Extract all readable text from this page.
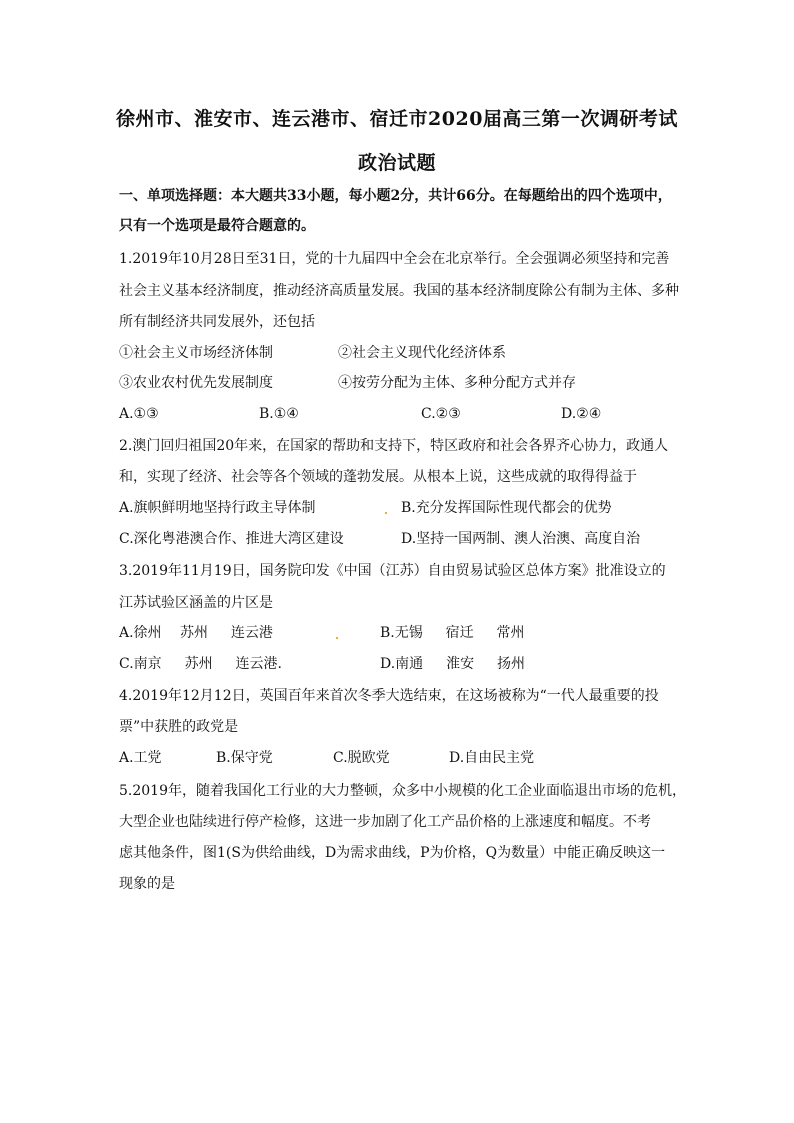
徐州市、淮安市、连云港市、宿迁市2020届高三第一次调研考试
政治试题
一、单项选择题：本大题共33小题，每小题2分，共计66分。在每题给出的四个选项中，
只有一个选项是最符合题意的。
1.2019年10月28日至31日，党的十九届四中全会在北京举行。全会强调必须坚持和完善
社会主义基本经济制度，推动经济高质量发展。我国的基本经济制度除公有制为主体、多种
所有制经济共同发展外，还包括
①社会主义市场经济体制	②社会主义现代化经济体系
③农业农村优先发展制度	④按劳分配为主体、多种分配方式并存
A.①③	B.①④	C.②③	D.②④
2.澳门回归祖国20年来，在国家的帮助和支持下，特区政府和社会各界齐心协力，政通人
和，实现了经济、社会等各个领域的蓬勃发展。从根本上说，这些成就的取得得益于
A.旗帜鲜明地坚持行政主导体制	B.充分发挥国际性现代都会的优势
C.深化粤港澳合作、推进大湾区建设	D.坚持一国两制、澳人治澳、高度自治
3.2019年11月19日，国务院印发《中国（江苏）自由贸易试验区总体方案》批准设立的
江苏试验区涵盖的片区是
A.徐州　 苏州 　 连云港	B.无锡 　 宿迁 　 常州
C.南京 　 苏州 　 连云港.	D.南通 　 淮安 　 扬州
4.2019年12月12日，英国百年来首次冬季大选结束，在这场被称为“一代人最重要的投
票”中获胜的政党是
A.工党	B.保守党	C.脱欧党	D.自由民主党
5.2019年，随着我国化工行业的大力整顿，众多中小规模的化工企业面临退出市场的危机，
大型企业也陆续进行停产检修，这进一步加剧了化工产品价格的上涨速度和幅度。不考
虑其他条件，图1(S为供给曲线，D为需求曲线，P为价格，Q为数量）中能正确反映这一
现象的是
